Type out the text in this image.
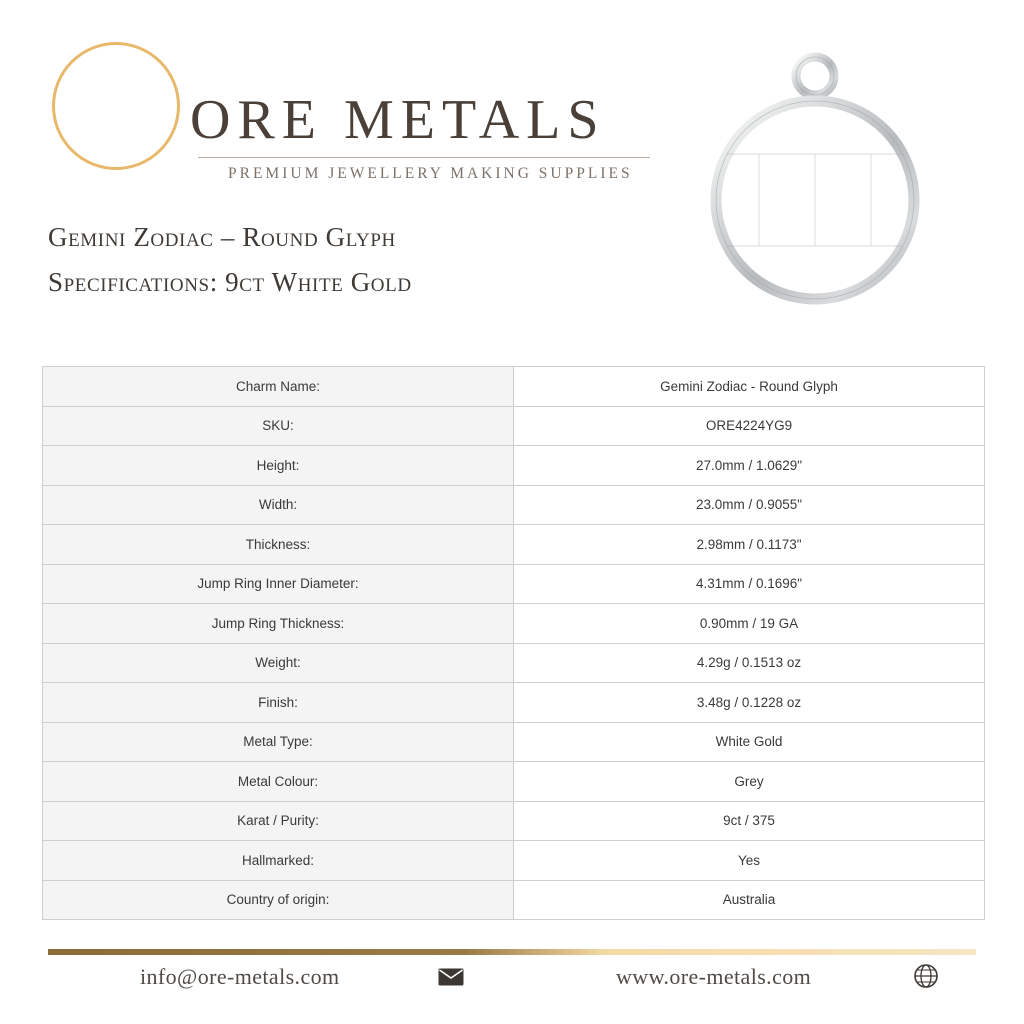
ORE METALS
PREMIUM JEWELLERY MAKING SUPPLIES
Gemini Zodiac – Round Glyph
Specifications: 9ct White Gold
Charm Name:	Gemini Zodiac - Round Glyph
SKU:	ORE4224YG9
Height:	27.0mm / 1.0629"
Width:	23.0mm / 0.9055"
Thickness:	2.98mm / 0.1173"
Jump Ring Inner Diameter:	4.31mm / 0.1696"
Jump Ring Thickness:	0.90mm / 19 GA
Weight:	4.29g / 0.1513 oz
Finish:	3.48g / 0.1228 oz
Metal Type:	White Gold
Metal Colour:	Grey
Karat / Purity:	9ct / 375
Hallmarked:	Yes
Country of origin:	Australia
info@ore-metals.com	www.ore-metals.com
